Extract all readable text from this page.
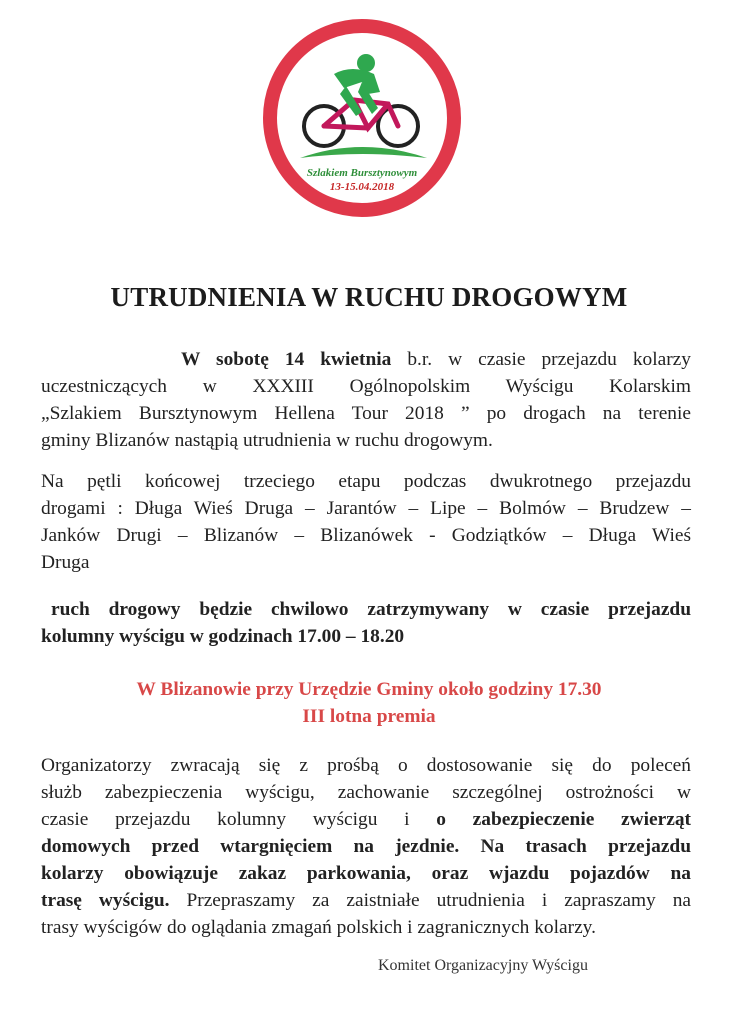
Szlakiem Bursztynowym
13-15.04.2018
UTRUDNIENIA W RUCHU DROGOWYM
W sobotę 14 kwietnia b.r. w czasie przejazdu kolarzy
uczestniczących w XXXIII Ogólnopolskim Wyścigu Kolarskim
„Szlakiem Bursztynowym Hellena Tour 2018 ” po drogach na terenie
gminy Blizanów nastąpią utrudnienia w ruchu drogowym.
Na pętli końcowej trzeciego etapu podczas dwukrotnego przejazdu
drogami : Długa Wieś Druga – Jarantów – Lipe – Bolmów – Brudzew –
Janków Drugi – Blizanów – Blizanówek - Godziątków – Długa Wieś
Druga
ruch drogowy będzie chwilowo zatrzymywany w czasie przejazdu
kolumny wyścigu w godzinach 17.00 – 18.20
W Blizanowie przy Urzędzie Gminy około godziny 17.30
III lotna premia
Organizatorzy zwracają się z prośbą o dostosowanie się do poleceń
służb zabezpieczenia wyścigu, zachowanie szczególnej ostrożności w
czasie przejazdu kolumny wyścigu i o zabezpieczenie zwierząt
domowych przed wtargnięciem na jezdnie. Na trasach przejazdu
kolarzy obowiązuje zakaz parkowania, oraz wjazdu pojazdów na
trasę wyścigu. Przepraszamy za zaistniałe utrudnienia i zapraszamy na
trasy wyścigów do oglądania zmagań polskich i zagranicznych kolarzy.
Komitet Organizacyjny Wyścigu
